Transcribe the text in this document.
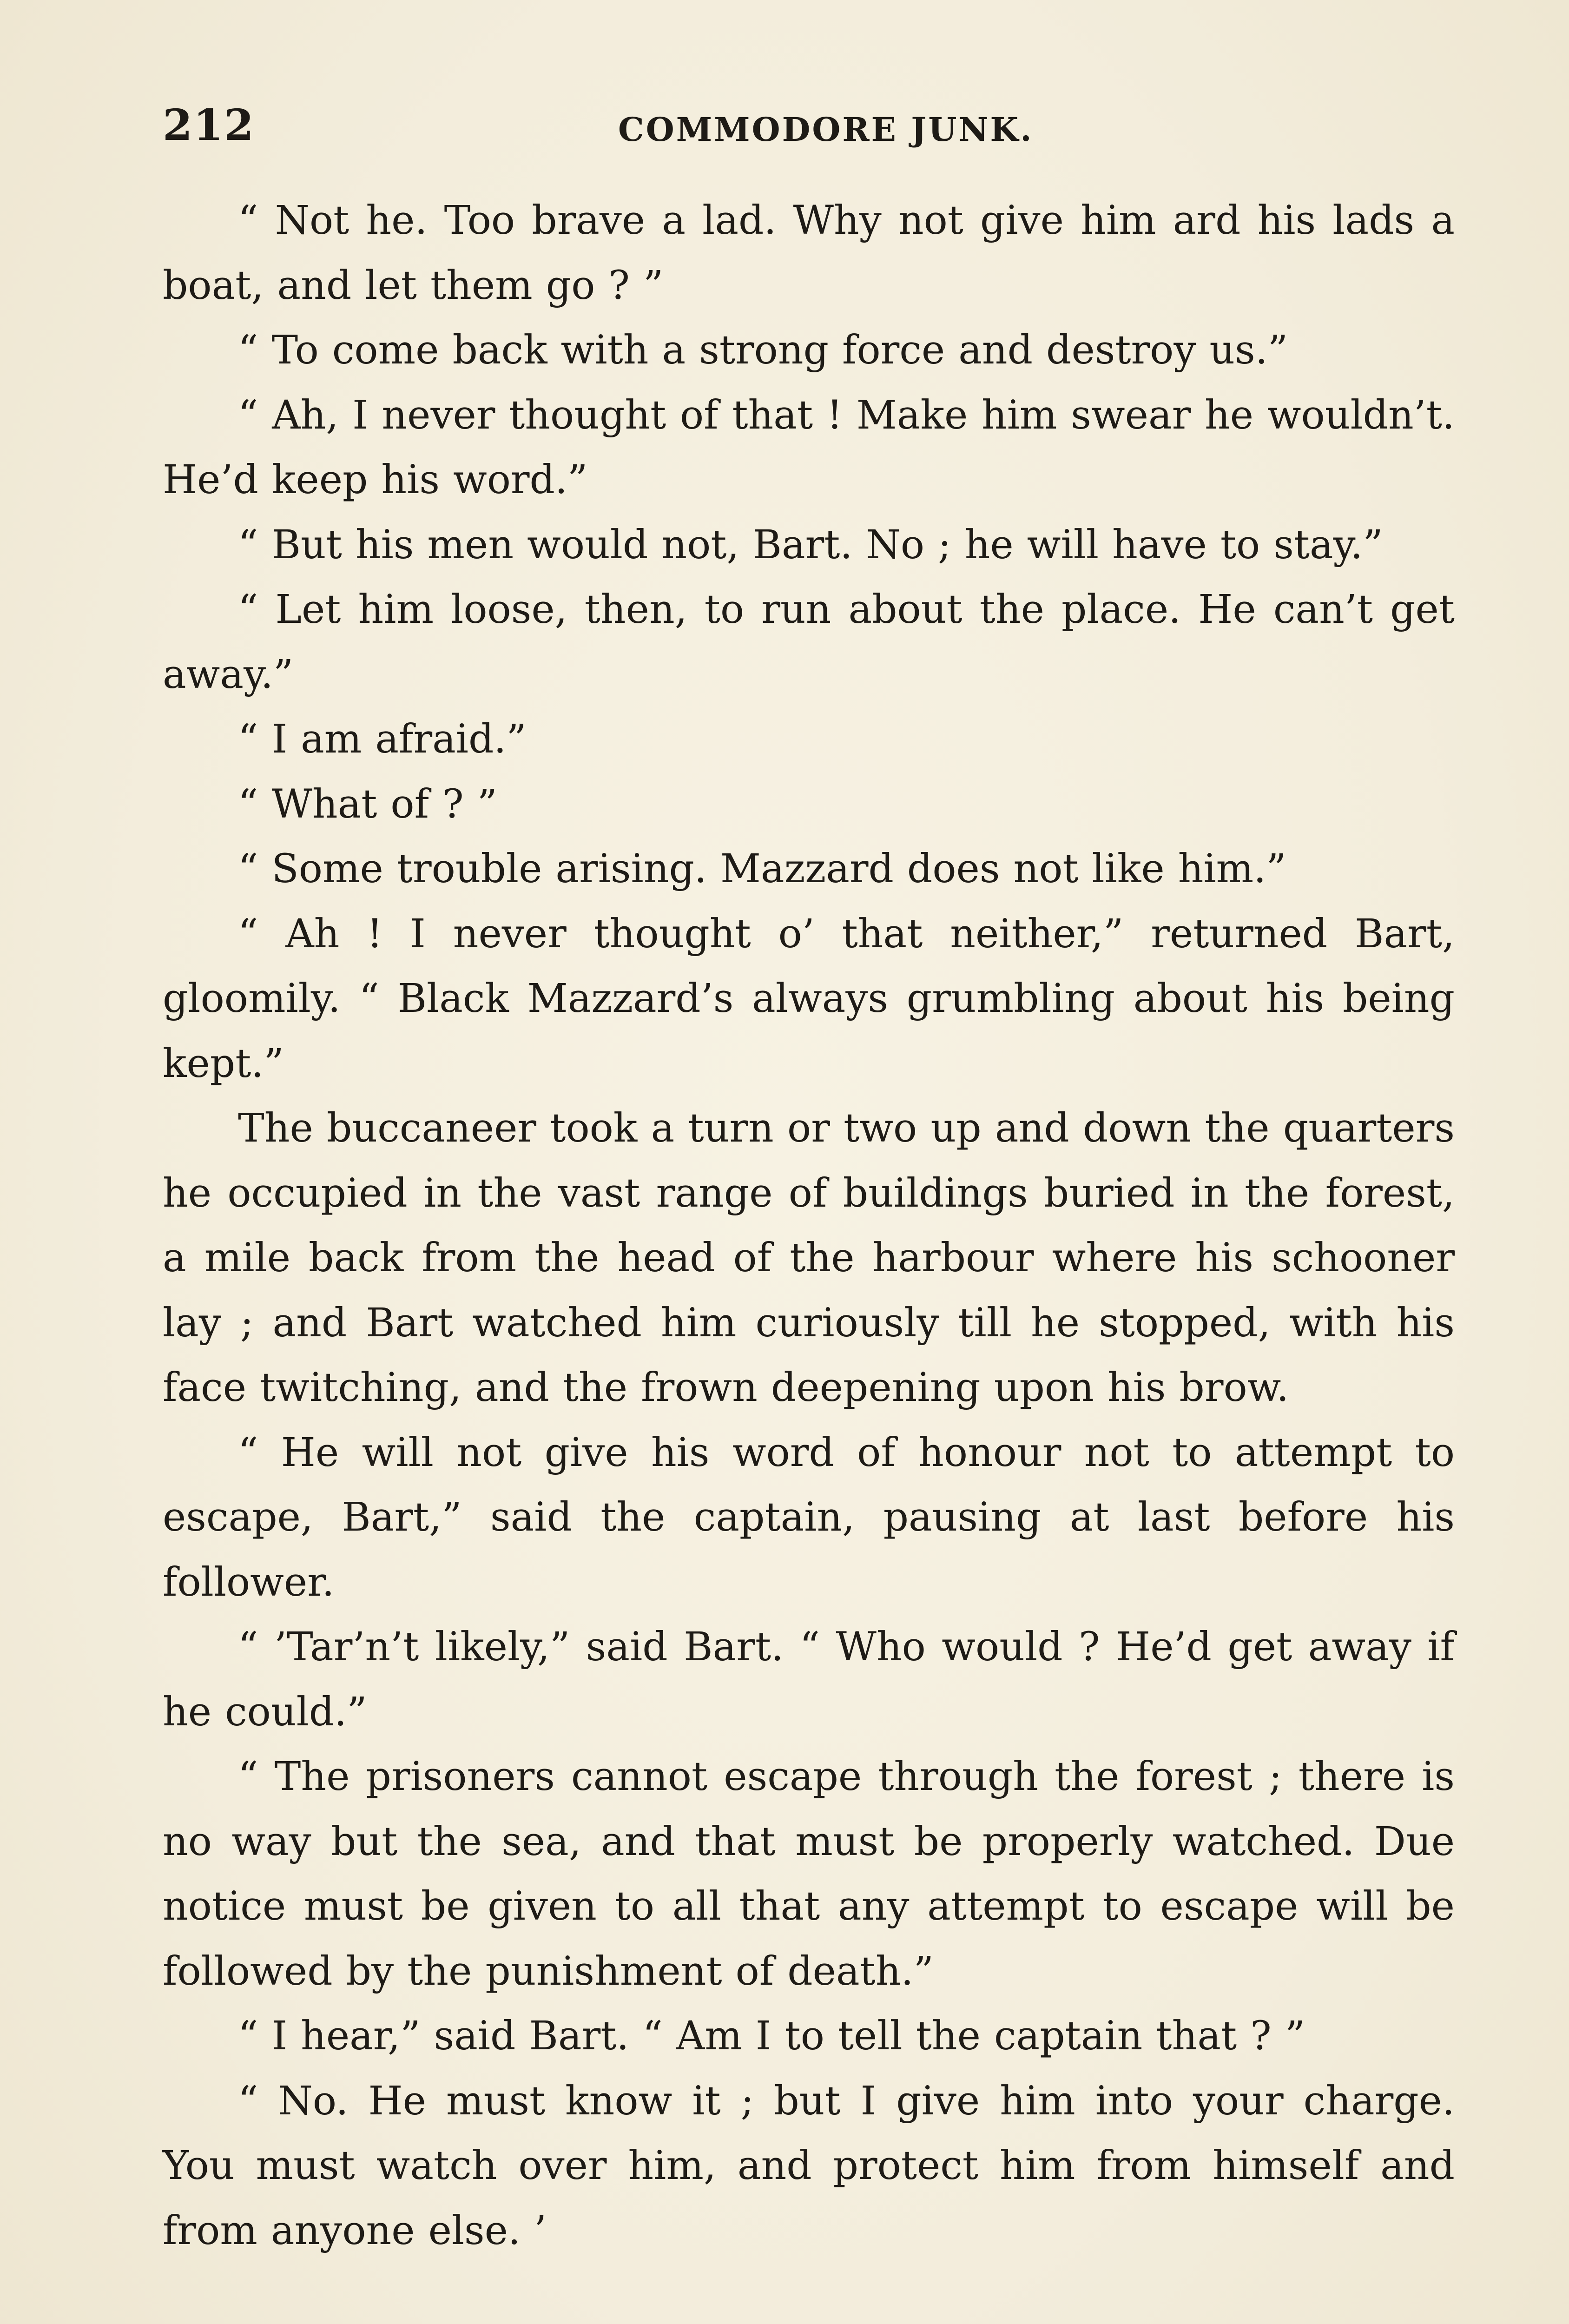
212	COMMODORE JUNK.

“ Not he. Too brave a lad. Why not give him ard his lads a boat, and let them go ? ”

“ To come back with a strong force and destroy us.”

“ Ah, I never thought of that ! Make him swear he wouldn’t. He’d keep his word.”

“ But his men would not, Bart. No ; he will have to stay.”

“ Let him loose, then, to run about the place. He can’t get away.”

“ I am afraid.”

“ What of ? ”

“ Some trouble arising. Mazzard does not like him.”

“ Ah ! I never thought o’ that neither,” returned Bart, gloomily. “ Black Mazzard’s always grumbling about his being kept.”

The buccaneer took a turn or two up and down the quarters he occupied in the vast range of buildings buried in the forest, a mile back from the head of the harbour where his schooner lay ; and Bart watched him curiously till he stopped, with his face twitching, and the frown deepening upon his brow.

“ He will not give his word of honour not to attempt to escape, Bart,” said the captain, pausing at last before his follower.

“ ’Tar’n’t likely,” said Bart. “ Who would ? He’d get away if he could.”

“ The prisoners cannot escape through the forest ; there is no way but the sea, and that must be properly watched. Due notice must be given to all that any attempt to escape will be followed by the punishment of death.”

“ I hear,” said Bart. “ Am I to tell the captain that ? ”

“ No. He must know it ; but I give him into your charge. You must watch over him, and protect him from himself and from anyone else. ’
